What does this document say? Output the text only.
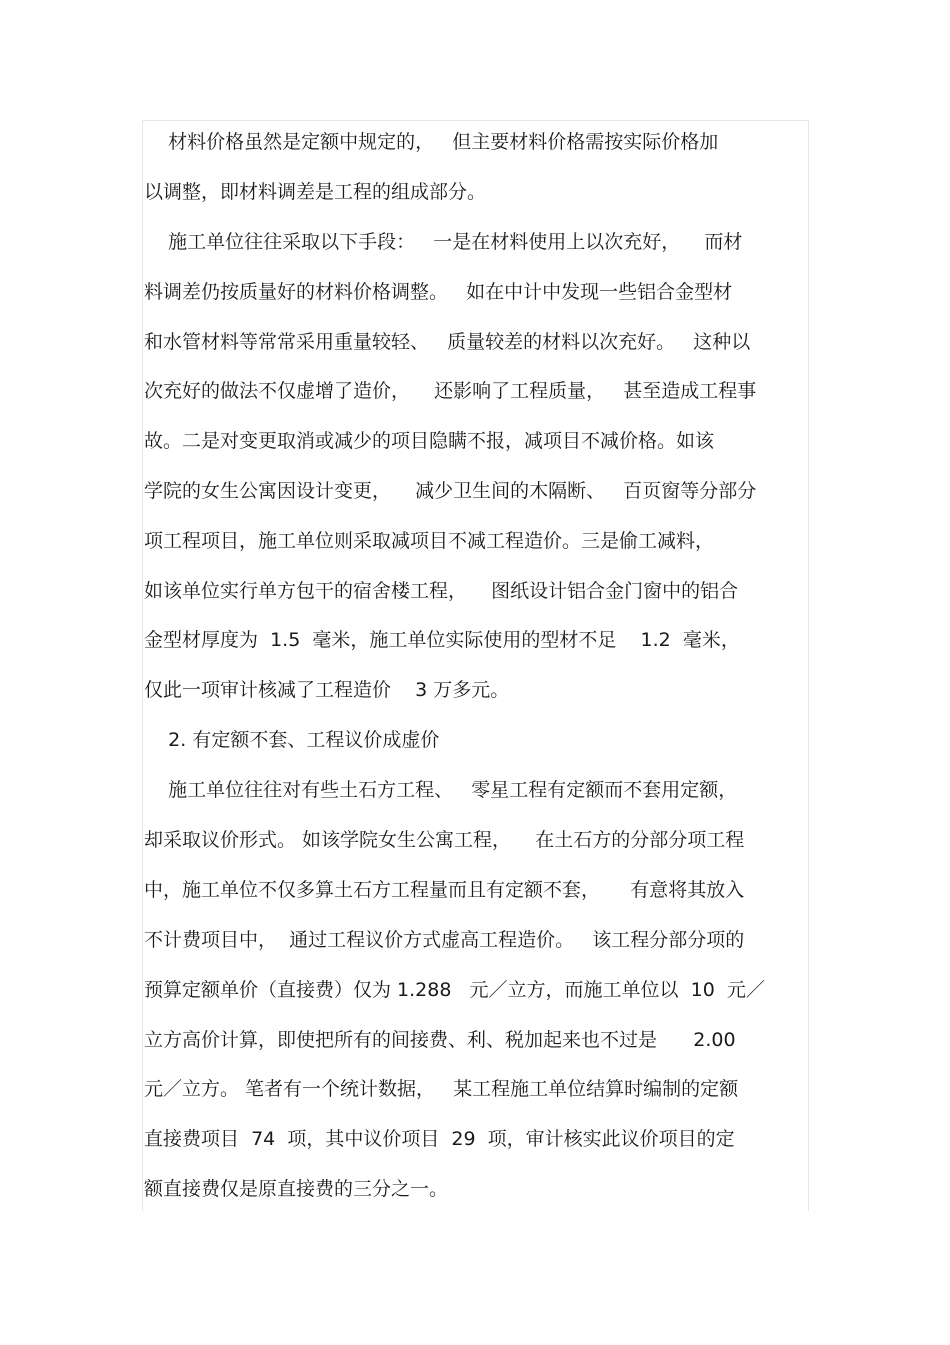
材料价格虽然是定额中规定的，   但主要材料价格需按实际价格加
以调整，即材料调差是工程的组成部分。
施工单位往往采取以下手段：   一是在材料使用上以次充好，    而材
料调差仍按质量好的材料价格调整。   如在中计中发现一些铝合金型材
和水管材料等常常采用重量较轻、   质量较差的材料以次充好。   这种以
次充好的做法不仅虚增了造价，    还影响了工程质量，   甚至造成工程事
故。二是对变更取消或减少的项目隐瞒不报，减项目不减价格。如该
学院的女生公寓因设计变更，    减少卫生间的木隔断、   百页窗等分部分
项工程项目，施工单位则采取减项目不减工程造价。三是偷工减料，
如该单位实行单方包干的宿舍楼工程，    图纸设计铝合金门窗中的铝合
金型材厚度为  1.5  毫米，施工单位实际使用的型材不足    1.2  毫米，
仅此一项审计核减了工程造价    3 万多元。
2. 有定额不套、工程议价成虚价
施工单位往往对有些土石方工程、   零星工程有定额而不套用定额，
却采取议价形式。 如该学院女生公寓工程，    在土石方的分部分项工程
中，施工单位不仅多算土石方工程量而且有定额不套，     有意将其放入
不计费项目中，  通过工程议价方式虚高工程造价。   该工程分部分项的
预算定额单价（直接费）仅为 1.288   元／立方，而施工单位以  10  元／
立方高价计算，即使把所有的间接费、利、税加起来也不过是      2.00
元／立方。 笔者有一个统计数据，   某工程施工单位结算时编制的定额
直接费项目  74  项，其中议价项目  29  项，审计核实此议价项目的定
额直接费仅是原直接费的三分之一。
